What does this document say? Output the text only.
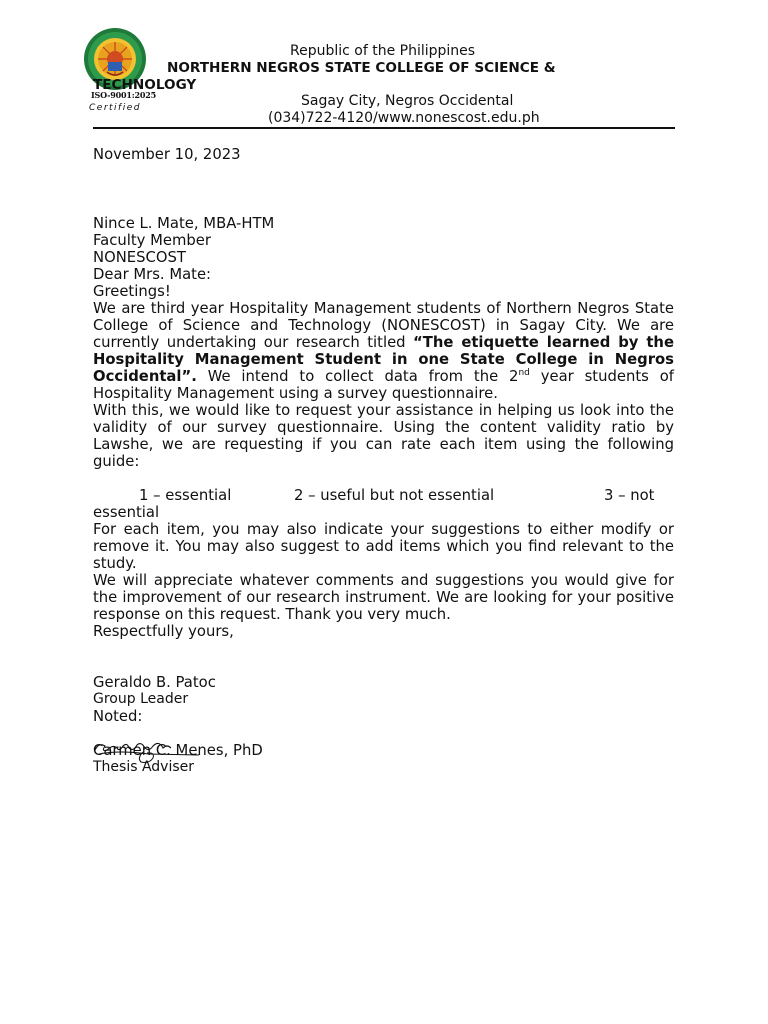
ISO-9001:2025
Certified
Republic of the Philippines
NORTHERN NEGROS STATE COLLEGE OF SCIENCE &
TECHNOLOGY
Sagay City, Negros Occidental
(034)722-4120/www.nonescost.edu.ph

November 10, 2023

Nince L. Mate, MBA-HTM

Faculty Member

NONESCOST

Dear Mrs. Mate:

Greetings!

We are third year Hospitality Management students of Northern Negros State College of Science and Technology (NONESCOST) in Sagay City. We are currently undertaking our research titled “The etiquette learned by the Hospitality Management Student in one State College in Negros Occidental”. We intend to collect data from the 2nd year students of Hospitality Management using a survey questionnaire.

With this, we would like to request your assistance in helping us look into the validity of our survey questionnaire. Using the content validity ratio by Lawshe, we are requesting if you can rate each item using the following guide:

1 – essential	2 – useful but not essential	3 – not
essential

For each item, you may also indicate your suggestions to either modify or remove it. You may also suggest to add items which you find relevant to the study.

We will appreciate whatever comments and suggestions you would give for the improvement of our research instrument. We are looking for your positive response on this request. Thank you very much.

Respectfully yours,

Geraldo B. Patoc

Group Leader

Noted:

Carmen C. Menes, PhD
Thesis Adviser
